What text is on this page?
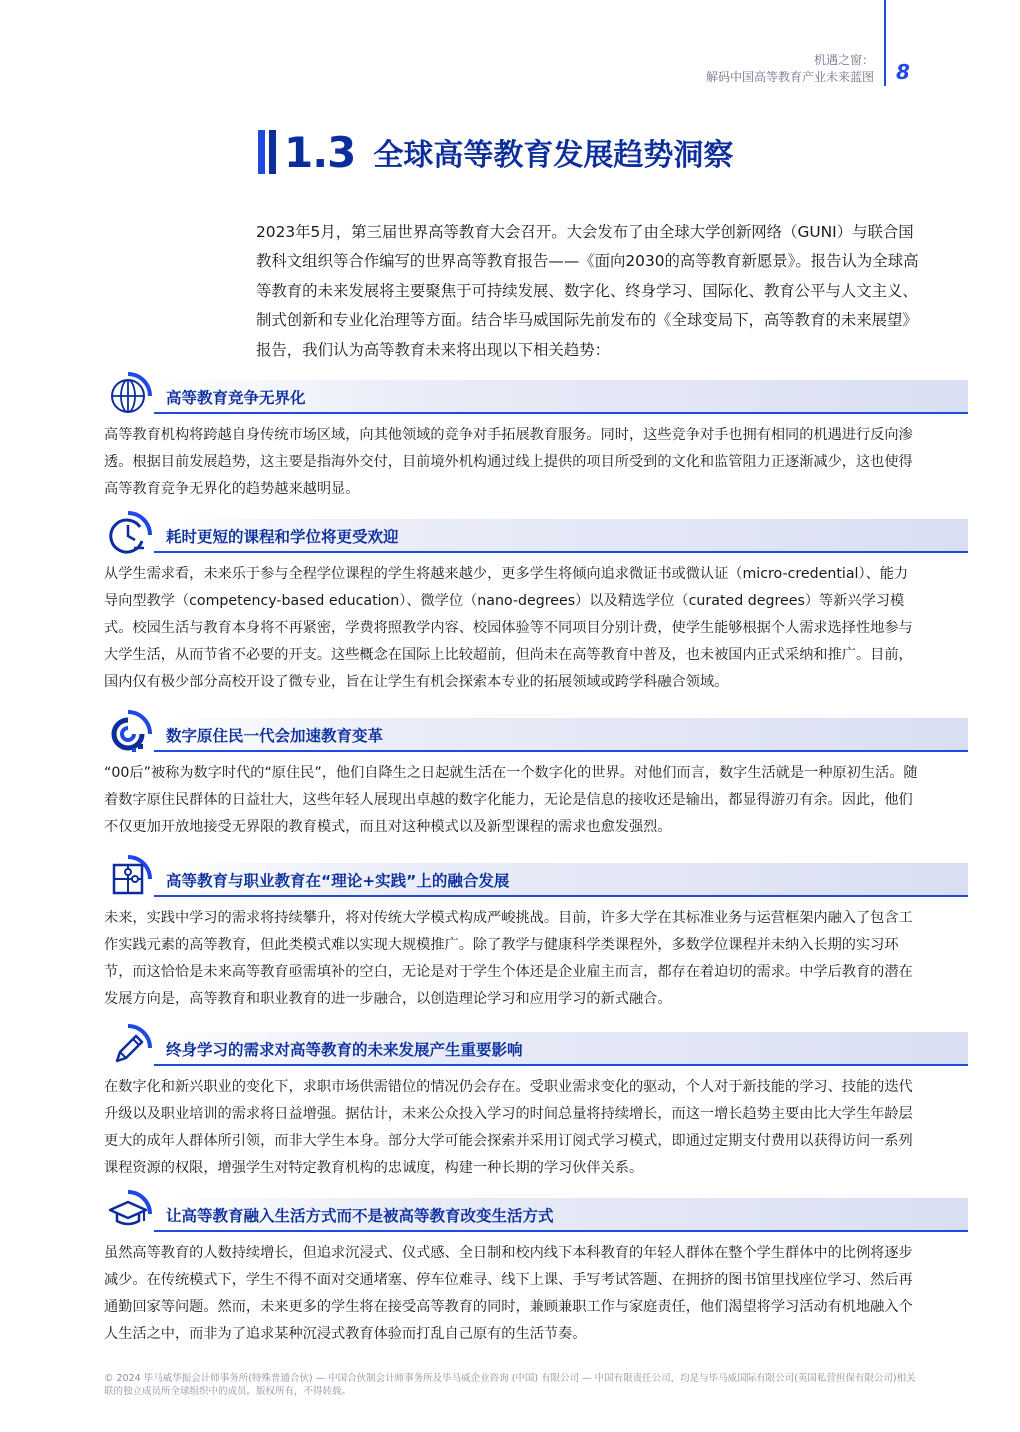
机遇之窗：
解码中国高等教育产业未来蓝图 8
1.3 全球高等教育发展趋势洞察

2023年5月，第三届世界高等教育大会召开。大会发布了由全球大学创新网络（GUNI）与联合国教科文组织等合作编写的世界高等教育报告——《面向2030的高等教育新愿景》。报告认为全球高等教育的未来发展将主要聚焦于可持续发展、数字化、终身学习、国际化、教育公平与人文主义、制式创新和专业化治理等方面。结合毕马威国际先前发布的《全球变局下，高等教育的未来展望》报告，我们认为高等教育未来将出现以下相关趋势：

高等教育竞争无界化

高等教育机构将跨越自身传统市场区域，向其他领域的竞争对手拓展教育服务。同时，这些竞争对手也拥有相同的机遇进行反向渗透。根据目前发展趋势，这主要是指海外交付，目前境外机构通过线上提供的项目所受到的文化和监管阻力正逐渐减少，这也使得高等教育竞争无界化的趋势越来越明显。

耗时更短的课程和学位将更受欢迎

从学生需求看，未来乐于参与全程学位课程的学生将越来越少，更多学生将倾向追求微证书或微认证（micro-credential）、能力导向型教学（competency-based education）、微学位（nano-degrees）以及精选学位（curated degrees）等新兴学习模式。校园生活与教育本身将不再紧密，学费将照教学内容、校园体验等不同项目分别计费，使学生能够根据个人需求选择性地参与大学生活，从而节省不必要的开支。这些概念在国际上比较超前，但尚未在高等教育中普及，也未被国内正式采纳和推广。目前，国内仅有极少部分高校开设了微专业，旨在让学生有机会探索本专业的拓展领域或跨学科融合领域。

数字原住民一代会加速教育变革

“00后”被称为数字时代的“原住民”，他们自降生之日起就生活在一个数字化的世界。对他们而言，数字生活就是一种原初生活。随着数字原住民群体的日益壮大，这些年轻人展现出卓越的数字化能力，无论是信息的接收还是输出，都显得游刃有余。因此，他们不仅更加开放地接受无界限的教育模式，而且对这种模式以及新型课程的需求也愈发强烈。

高等教育与职业教育在“理论+实践”上的融合发展

未来，实践中学习的需求将持续攀升，将对传统大学模式构成严峻挑战。目前，许多大学在其标准业务与运营框架内融入了包含工作实践元素的高等教育，但此类模式难以实现大规模推广。除了教学与健康科学类课程外，多数学位课程并未纳入长期的实习环节，而这恰恰是未来高等教育亟需填补的空白，无论是对于学生个体还是企业雇主而言，都存在着迫切的需求。中学后教育的潜在发展方向是，高等教育和职业教育的进一步融合，以创造理论学习和应用学习的新式融合。

终身学习的需求对高等教育的未来发展产生重要影响

在数字化和新兴职业的变化下，求职市场供需错位的情况仍会存在。受职业需求变化的驱动，个人对于新技能的学习、技能的迭代升级以及职业培训的需求将日益增强。据估计，未来公众投入学习的时间总量将持续增长，而这一增长趋势主要由比大学生年龄层更大的成年人群体所引领，而非大学生本身。部分大学可能会探索并采用订阅式学习模式，即通过定期支付费用以获得访问一系列课程资源的权限，增强学生对特定教育机构的忠诚度，构建一种长期的学习伙伴关系。

让高等教育融入生活方式而不是被高等教育改变生活方式

虽然高等教育的人数持续增长，但追求沉浸式、仪式感、全日制和校内线下本科教育的年轻人群体在整个学生群体中的比例将逐步减少。在传统模式下，学生不得不面对交通堵塞、停车位难寻、线下上课、手写考试答题、在拥挤的图书馆里找座位学习、然后再通勤回家等问题。然而，未来更多的学生将在接受高等教育的同时，兼顾兼职工作与家庭责任，他们渴望将学习活动有机地融入个人生活之中，而非为了追求某种沉浸式教育体验而打乱自己原有的生活节奏。

© 2024 毕马威华振会计师事务所(特殊普通合伙) — 中国合伙制会计师事务所及毕马威企业咨询 (中国) 有限公司 — 中国有限责任公司，均是与毕马威国际有限公司(英国私营担保有限公司)相关联的独立成员所全球组织中的成员。版权所有，不得转载。
